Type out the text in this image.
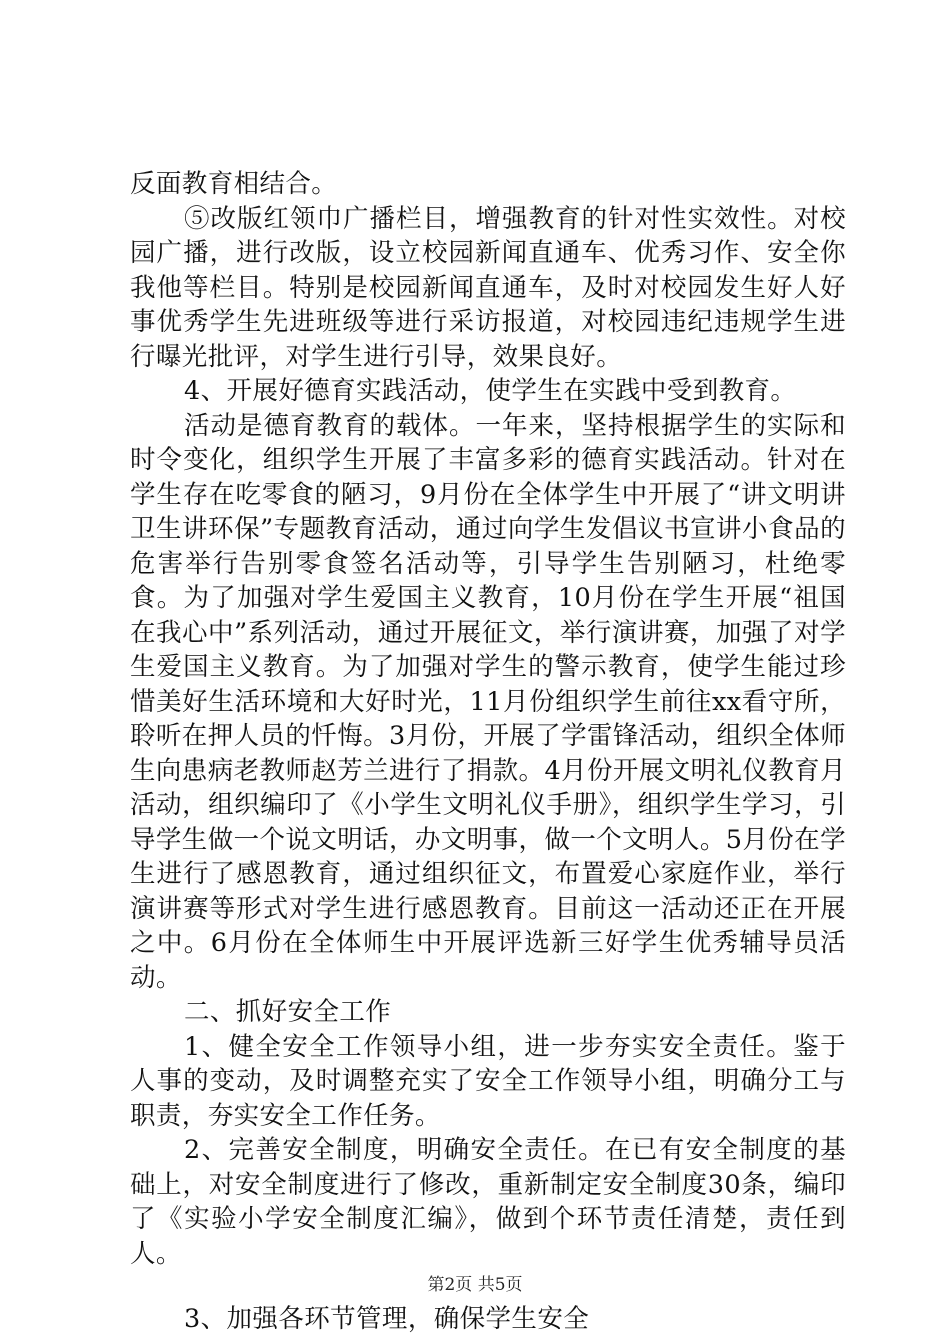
反面教育相结合。

⑤改版红领巾广播栏目，增强教育的针对性实效性。对校园广播，进行改版，设立校园新闻直通车、优秀习作、安全你我他等栏目。特别是校园新闻直通车，及时对校园发生好人好事优秀学生先进班级等进行采访报道，对校园违纪违规学生进行曝光批评，对学生进行引导，效果良好。

4、开展好德育实践活动，使学生在实践中受到教育。

活动是德育教育的载体。一年来，坚持根据学生的实际和时令变化，组织学生开展了丰富多彩的德育实践活动。针对在学生存在吃零食的陋习，9月份在全体学生中开展了“讲文明讲卫生讲环保”专题教育活动，通过向学生发倡议书宣讲小食品的危害举行告别零食签名活动等，引导学生告别陋习，杜绝零食。为了加强对学生爱国主义教育，10月份在学生开展“祖国在我心中”系列活动，通过开展征文，举行演讲赛，加强了对学生爱国主义教育。为了加强对学生的警示教育，使学生能过珍惜美好生活环境和大好时光，11月份组织学生前往xx看守所，聆听在押人员的忏悔。3月份，开展了学雷锋活动，组织全体师生向患病老教师赵芳兰进行了捐款。4月份开展文明礼仪教育月活动，组织编印了《小学生文明礼仪手册》，组织学生学习，引导学生做一个说文明话，办文明事，做一个文明人。5月份在学生进行了感恩教育，通过组织征文，布置爱心家庭作业，举行演讲赛等形式对学生进行感恩教育。目前这一活动还正在开展之中。6月份在全体师生中开展评选新三好学生优秀辅导员活动。

二、抓好安全工作

1、健全安全工作领导小组，进一步夯实安全责任。鉴于人事的变动，及时调整充实了安全工作领导小组，明确分工与职责，夯实安全工作任务。

2、完善安全制度，明确安全责任。在已有安全制度的基础上，对安全制度进行了修改，重新制定安全制度30条，编印了《实验小学安全制度汇编》，做到个环节责任清楚，责任到人。

3、加强各环节管理，确保学生安全

第2页 共5页
